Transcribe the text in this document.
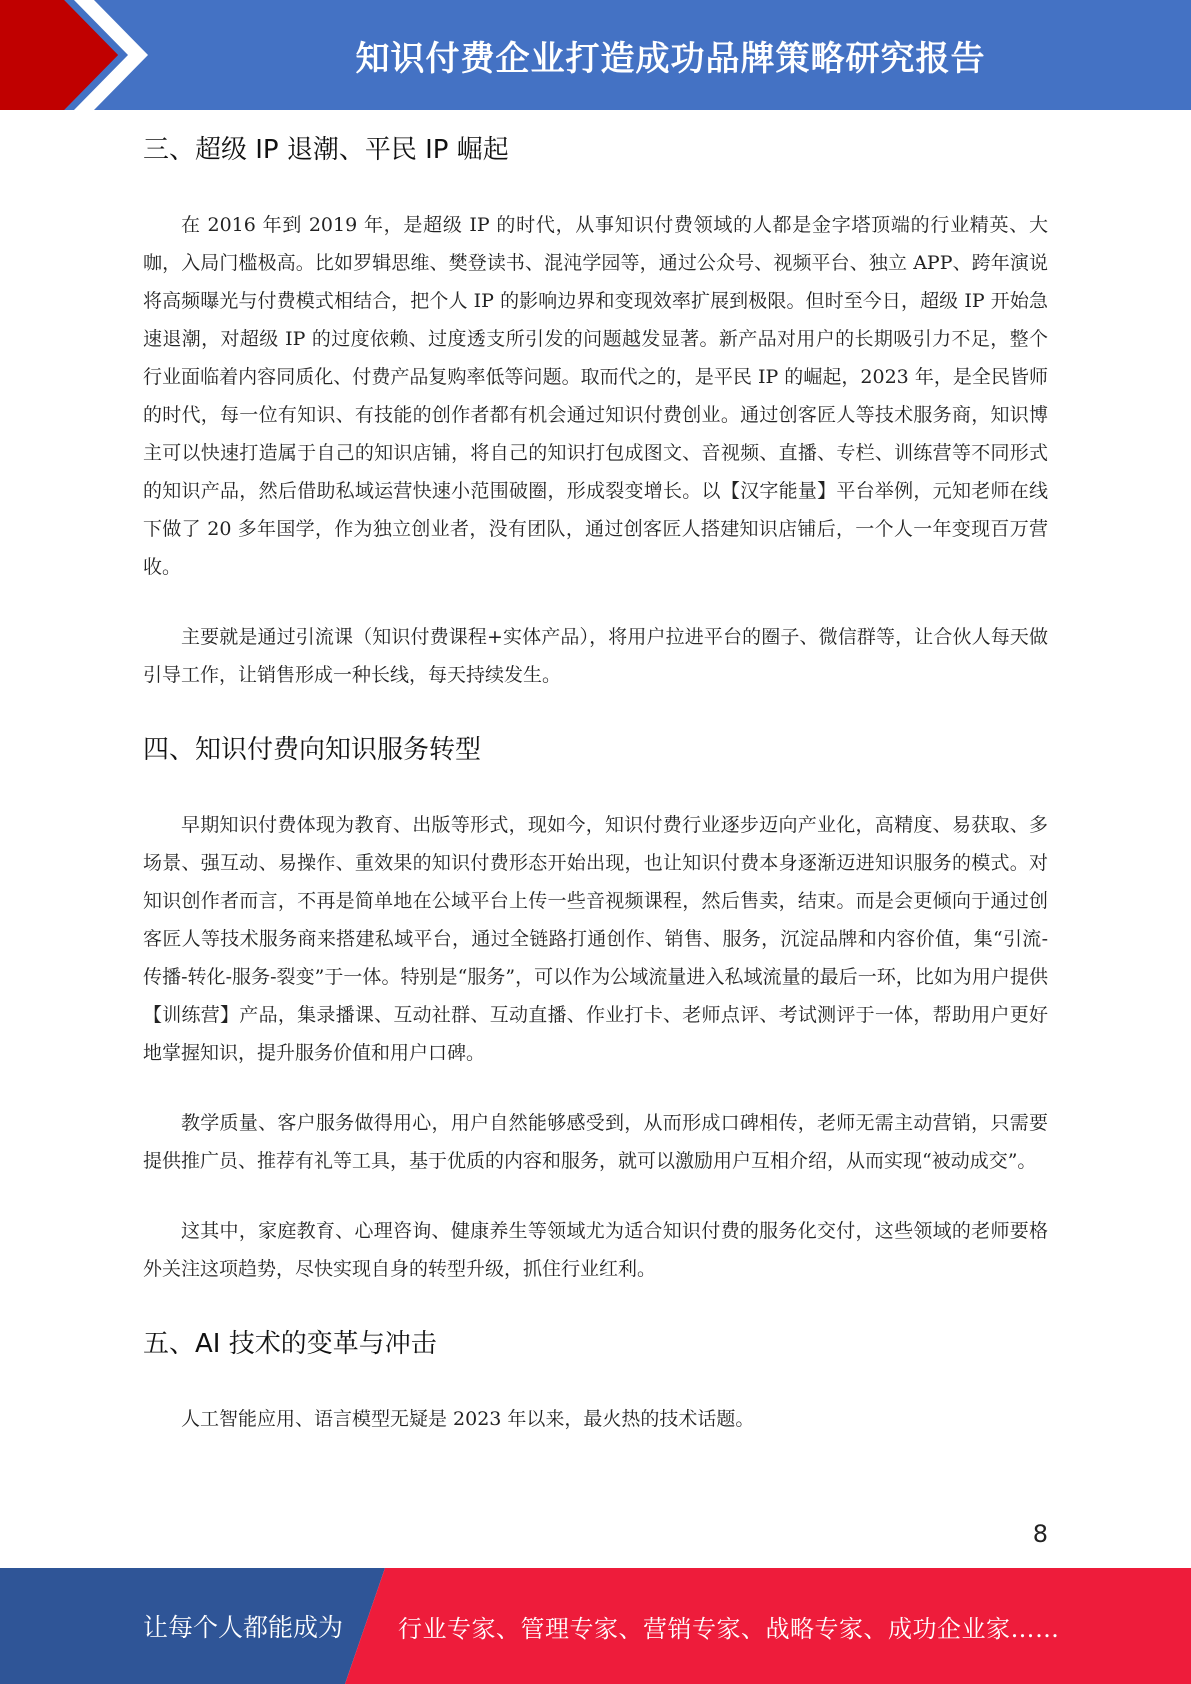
知识付费企业打造成功品牌策略研究报告
三、超级 IP 退潮、平民 IP 崛起

在 2016 年到 2019 年，是超级 IP 的时代，从事知识付费领域的人都是金字塔顶端的行业精英、大咖，入局门槛极高。比如罗辑思维、樊登读书、混沌学园等，通过公众号、视频平台、独立 APP、跨年演说将高频曝光与付费模式相结合，把个人 IP 的影响边界和变现效率扩展到极限。但时至今日，超级 IP 开始急速退潮，对超级 IP 的过度依赖、过度透支所引发的问题越发显著。新产品对用户的长期吸引力不足，整个行业面临着内容同质化、付费产品复购率低等问题。取而代之的，是平民 IP 的崛起，2023 年，是全民皆师的时代，每一位有知识、有技能的创作者都有机会通过知识付费创业。通过创客匠人等技术服务商，知识博主可以快速打造属于自己的知识店铺，将自己的知识打包成图文、音视频、直播、专栏、训练营等不同形式的知识产品，然后借助私域运营快速小范围破圈，形成裂变增长。以【汉字能量】平台举例，元知老师在线下做了 20 多年国学，作为独立创业者，没有团队，通过创客匠人搭建知识店铺后，一个人一年变现百万营收。

主要就是通过引流课（知识付费课程+实体产品），将用户拉进平台的圈子、微信群等，让合伙人每天做引导工作，让销售形成一种长线，每天持续发生。

四、知识付费向知识服务转型

早期知识付费体现为教育、出版等形式，现如今，知识付费行业逐步迈向产业化，高精度、易获取、多场景、强互动、易操作、重效果的知识付费形态开始出现，也让知识付费本身逐渐迈进知识服务的模式。对知识创作者而言，不再是简单地在公域平台上传一些音视频课程，然后售卖，结束。而是会更倾向于通过创客匠人等技术服务商来搭建私域平台，通过全链路打通创作、销售、服务，沉淀品牌和内容价值，集“引流-传播-转化-服务-裂变”于一体。特别是“服务”，可以作为公域流量进入私域流量的最后一环，比如为用户提供【训练营】产品，集录播课、互动社群、互动直播、作业打卡、老师点评、考试测评于一体，帮助用户更好地掌握知识，提升服务价值和用户口碑。

教学质量、客户服务做得用心，用户自然能够感受到，从而形成口碑相传，老师无需主动营销，只需要提供推广员、推荐有礼等工具，基于优质的内容和服务，就可以激励用户互相介绍，从而实现“被动成交”。

这其中，家庭教育、心理咨询、健康养生等领域尤为适合知识付费的服务化交付，这些领域的老师要格外关注这项趋势，尽快实现自身的转型升级，抓住行业红利。

五、AI 技术的变革与冲击

人工智能应用、语言模型无疑是 2023 年以来，最火热的技术话题。

8
让每个人都能成为 行业专家、管理专家、营销专家、战略专家、成功企业家……
